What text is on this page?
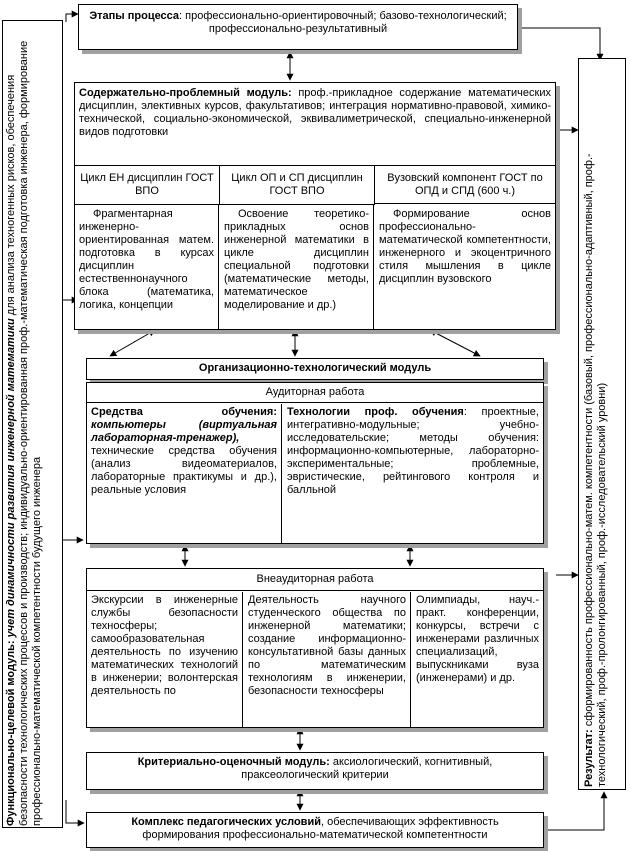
Функционально-целевой модуль: учет динамичности развития инженерной математики для анализа техногенных рисков, обеспечения безопасности технологических процессов и производств; индивидуально-ориентированная проф.-математическая подготовка инженера, формирование профессионально-математической компетентности будущего инженера	Результат: сформированность профессионально-матем. компетентности (базовый, профессионально-адаптивный, проф.-технологический, проф.-пролонгированный, проф.-исследовательский уровни)
Этапы процесса: профессионально-ориентировочный; базово-технологический; профессионально-результативный
Содержательно-проблемный модуль: проф.-прикладное содержание математических дисциплин, элективных курсов, факультативов; интеграция нормативно-правовой, химико-технической, социально-экономической, эквивалиметрической, специально-инженерной видов подготовки
Цикл ЕН дисциплин ГОСТ ВПО
Цикл ОП и СП дисциплин ГОСТ ВПО
Вузовский компонент ГОСТ по ОПД и СПД (600 ч.)
Фрагментарная инженерно-ориентированная матем. подготовка в курсах дисциплин естественнонаучного блока (математика, логика, концепции
Освоение теоретико-прикладных основ инженерной математики в цикле дисциплин специальной подготовки (математические методы, математическое моделирование и др.)
Формирование основ профессионально-математической компетентности, инженерного и экоцентричного стиля мышления в цикле дисциплин вузовского
Организационно-технологический модуль
Аудиторная работа
Средства обучения: компьютеры (виртуальная лабораторная-тренажер), технические средства обучения (анализ видеоматериалов, лабораторные практикумы и др.), реальные условия
Технологии проф. обучения: проектные, интегративно-модульные; учебно-исследовательские; методы обучения: информационно-компьютерные, лабораторно-экспериментальные; проблемные, эвристические, рейтингового контроля и балльной
Внеаудиторная работа
Экскурсии в инженерные службы безопасности техносферы; самообразовательная деятельность по изучению математических технологий в инженерии; волонтерская деятельность по
Деятельность научного студенческого общества по инженерной математики; создание информационно-консультативной базы данных по математическим технологиям в инженерии, безопасности техносферы
Олимпиады, науч.-практ. конференции, конкурсы, встречи с инженерами различных специализаций, выпускниками вуза (инженерами) и др.
Критериально-оценочный модуль: аксиологический, когнитивный, праксеологический критерии
Комплекс педагогических условий, обеспечивающих эффективность формирования профессионально-математической компетентности
